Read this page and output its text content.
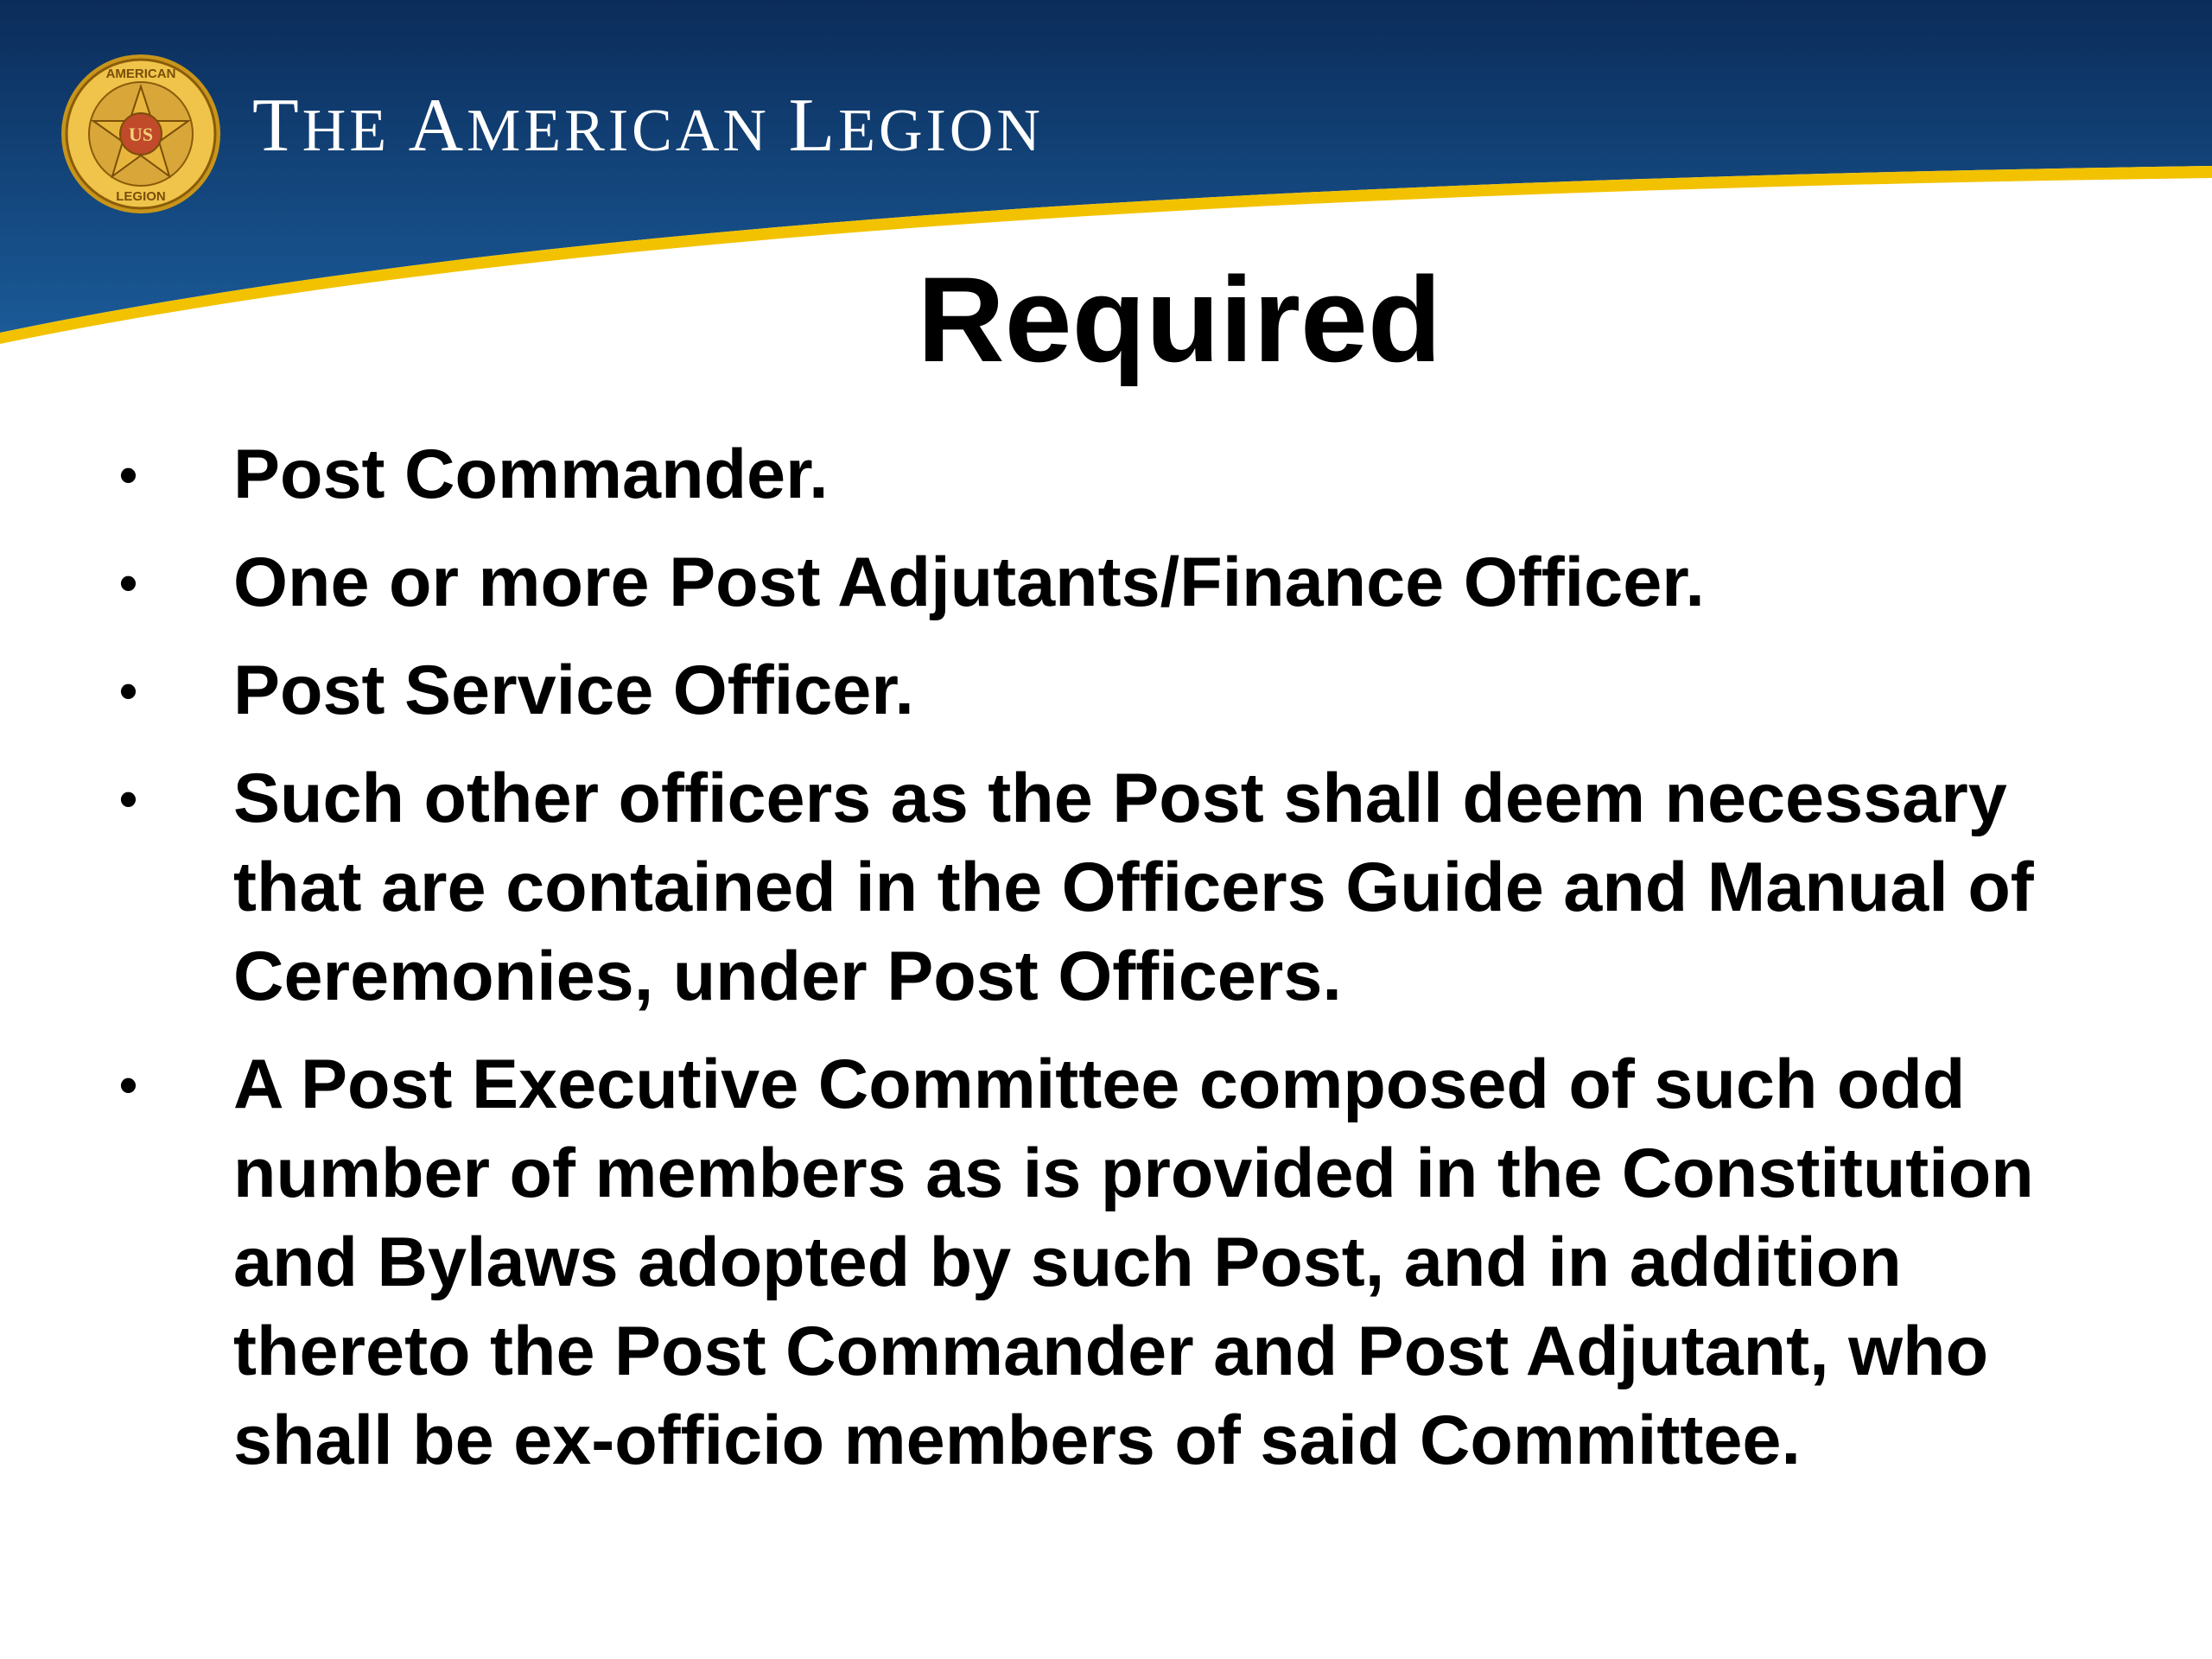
US
AMERICAN
LEGION
THE AMERICAN LEGION
Required
• Post Commander.
• One or more Post Adjutants/Finance Officer.
• Post Service Officer.
• Such other officers as the Post shall deem necessary that are contained in the Officers Guide and Manual of Ceremonies, under Post Officers.
• A Post Executive Committee composed of such odd number of members as is provided in the Constitution and Bylaws adopted by such Post, and in addition thereto the Post Commander and Post Adjutant, who shall be ex-officio members of said Committee.
